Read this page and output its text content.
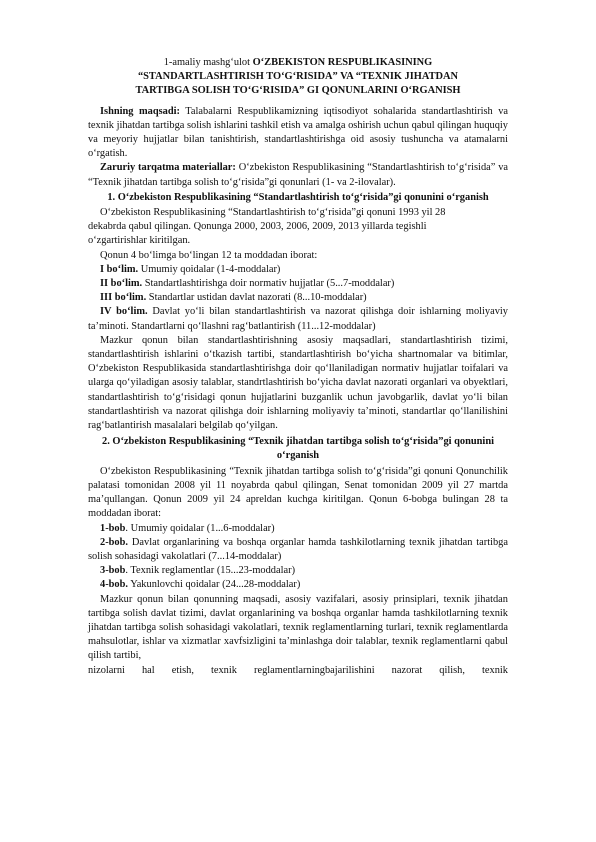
1-amaliy mashg‘ulot O‘ZBEKISTON RESPUBLIKASINING
“STANDARTLASHTIRISH TO‘G‘RISIDA” VA “TEXNIK JIHATDAN
TARTIBGA SOLISH TO‘G‘RISIDA” GI QONUNLARINI O‘RGANISH

Ishning maqsadi: Talabalarni Respublikamizning iqtisodiyot sohalarida standartlashtirish va texnik jihatdan tartibga solish ishlarini tashkil etish va amalga oshirish uchun qabul qilingan huquqiy va meyoriy hujjatlar bilan tanishtirish, standartlashtirishga oid asosiy tushuncha va atamalarni o‘rgatish.

Zaruriy tarqatma materiallar: O‘zbekiston Respublikasining “Standartlashtirish to‘g‘risida” va “Texnik jihatdan tartibga solish to‘g‘risida”gi qonunlari (1- va 2-ilovalar).

1. O‘zbekiston Respublikasining “Standartlashtirish to‘g‘risida”gi qonunini o‘rganish

O‘zbekiston Respublikasining “Standartlashtirish to‘g‘risida”gi qonuni 1993 yil 28

dekabrda qabul qilingan. Qonunga 2000, 2003, 2006, 2009, 2013 yillarda tegishli

o‘zgartirishlar kiritilgan.

Qonun 4 bo‘limga bo‘lingan 12 ta moddadan iborat:

I bo‘lim. Umumiy qoidalar (1-4-moddalar)

II bo‘lim. Standartlashtirishga doir normativ hujjatlar (5...7-moddalar)

III bo‘lim. Standartlar ustidan davlat nazorati (8...10-moddalar)

IV bo‘lim. Davlat yo‘li bilan standartlashtirish va nazorat qilishga doir ishlarning moliyaviy ta’minoti. Standartlarni qo‘llashni rag‘batlantirish (11...12-moddalar)

Mazkur qonun bilan standartlashtirishning asosiy maqsadlari, standartlashtirish tizimi, standartlashtirish ishlarini o‘tkazish tartibi, standartlashtirish bo‘yicha shartnomalar va bitimlar, O‘zbekiston Respublikasida standartlashtirishga doir qo‘llaniladigan normativ hujjatlar toifalari va ularga qo‘yiladigan asosiy talablar, standrtlashtirish bo‘yicha davlat nazorati organlari va obyektlari, standartlashtirish to‘g‘risidagi qonun hujjatlarini buzganlik uchun javobgarlik, davlat yo‘li bilan standartlashtirish va nazorat qilishga doir ishlarning moliyaviy ta’minoti, standartlar qo‘llanilishini rag‘batlantirish masalalari belgilab qo‘yilgan.

2. O‘zbekiston Respublikasining “Texnik jihatdan tartibga solish to‘g‘risida”gi qonunini o‘rganish

O‘zbekiston Respublikasining “Texnik jihatdan tartibga solish to‘g‘risida”gi qonuni Qonunchilik palatasi tomonidan 2008 yil 11 noyabrda qabul qilingan, Senat tomonidan 2009 yil 27 martda ma’qullangan. Qonun 2009 yil 24 apreldan kuchga kiritilgan. Qonun 6-bobga bulingan 28 ta moddadan iborat:

1-bob. Umumiy qoidalar (1...6-moddalar)

2-bob. Davlat organlarining va boshqa organlar hamda tashkilotlarning texnik jihatdan tartibga solish sohasidagi vakolatlari (7...14-moddalar)

3-bob. Texnik reglamentlar (15...23-moddalar)

4-bob. Yakunlovchi qoidalar (24...28-moddalar)

Mazkur qonun bilan qonunning maqsadi, asosiy vazifalari, asosiy prinsiplari, texnik jihatdan tartibga solish davlat tizimi, davlat organlarining va boshqa organlar hamda tashkilotlarning texnik jihatdan tartibga solish sohasidagi vakolatlari, texnik reglamentlarning turlari, texnik reglamentlarda mahsulotlar, ishlar va xizmatlar xavfsizligini ta’minlashga doir talablar, texnik reglamentlarni qabul qilish tartibi,

nizolarni hal etish, texnik reglamentlarningbajarilishini nazorat qilish, texnik
